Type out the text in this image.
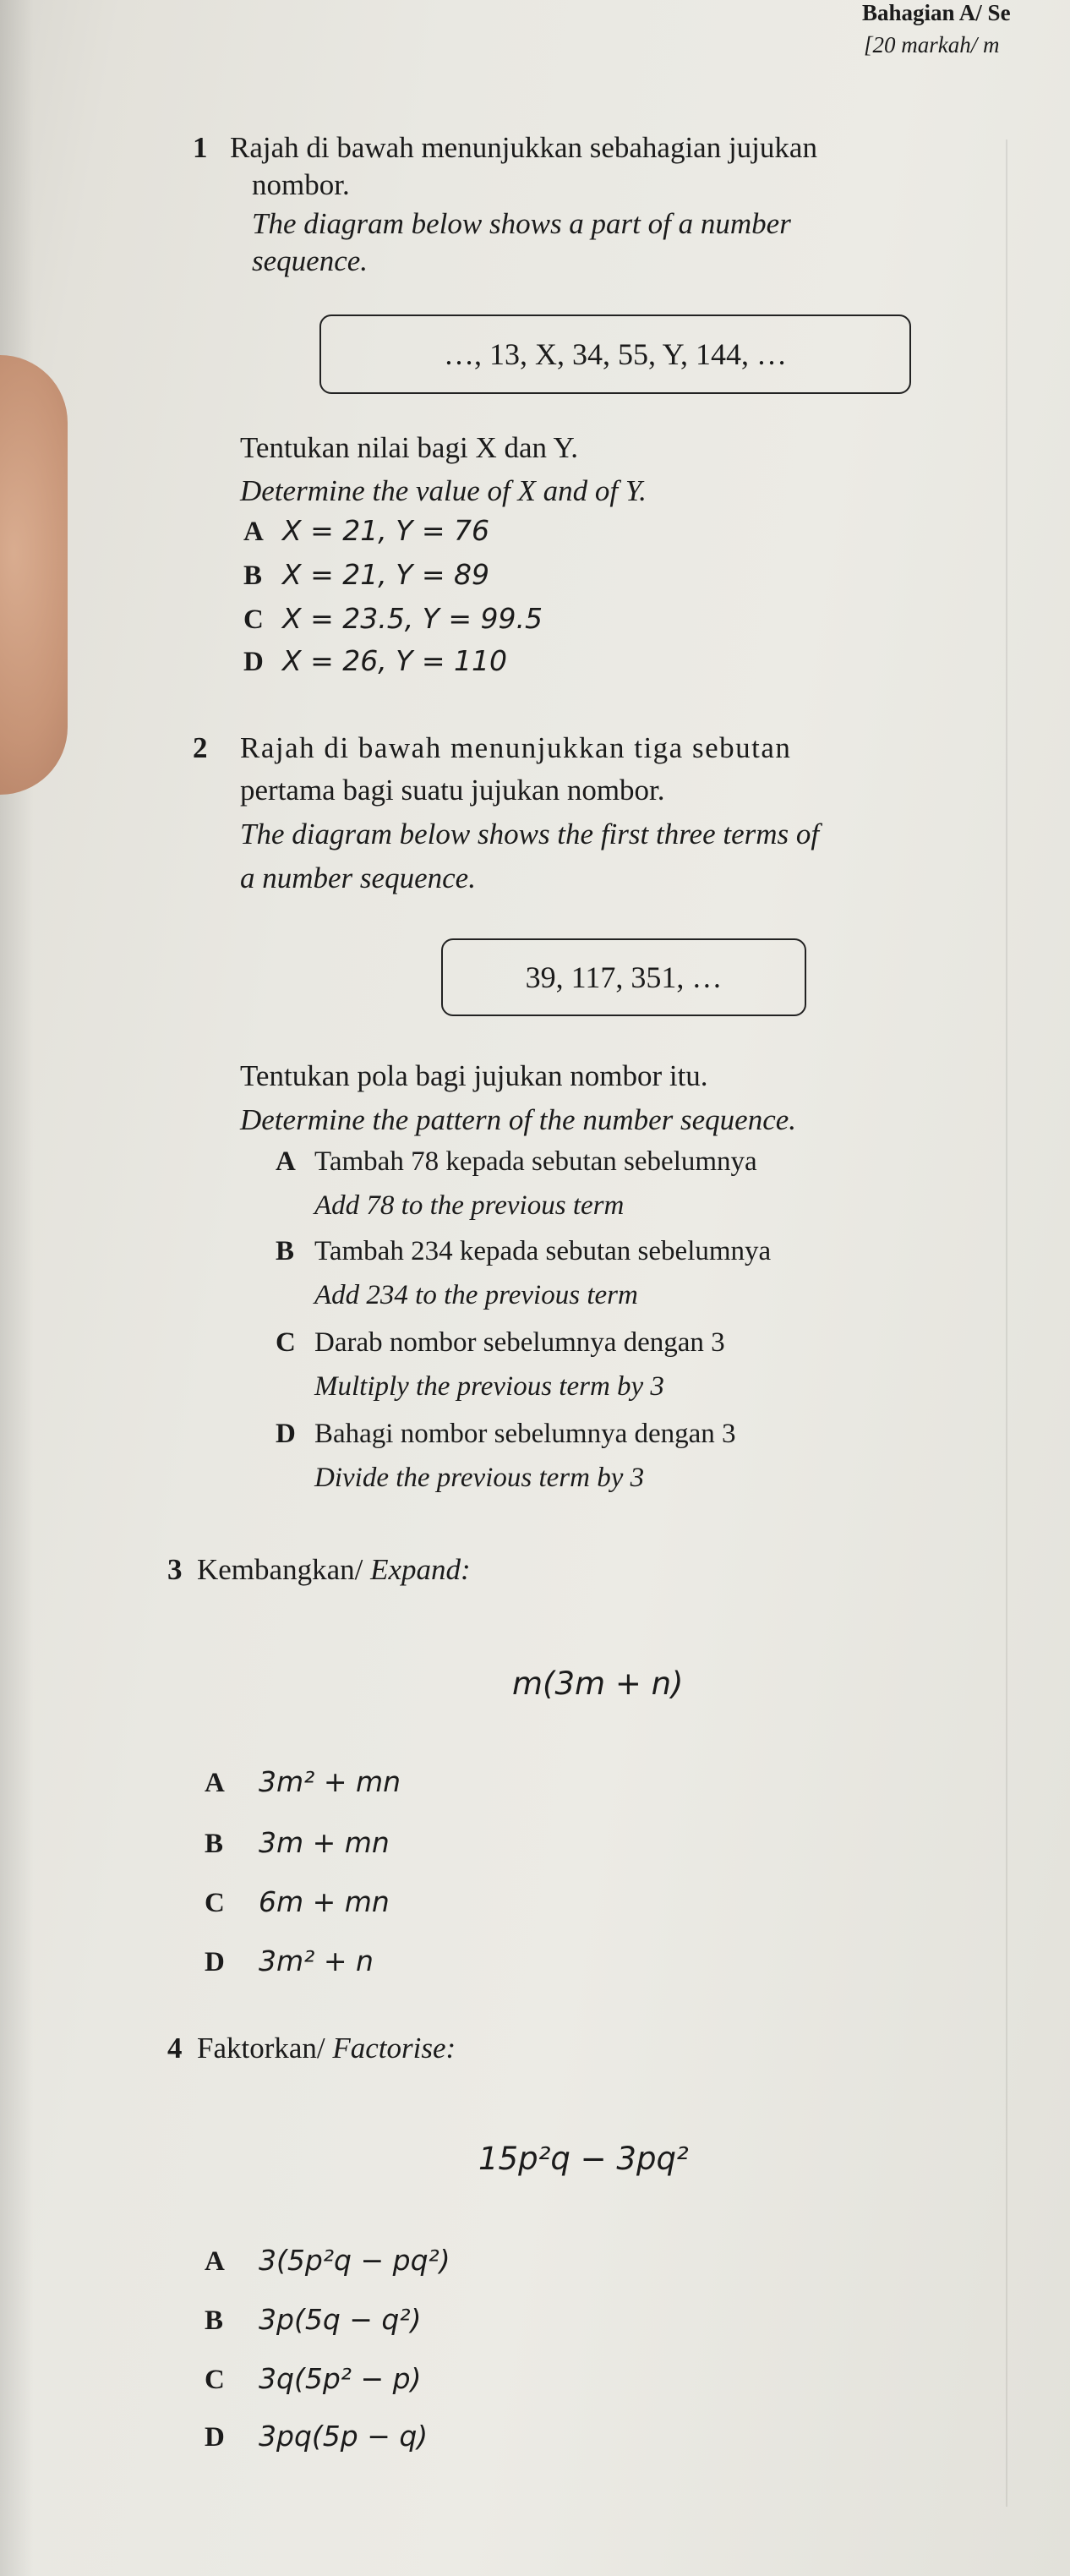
Bahagian A/ Se
[20 markah/ m
1 Rajah di bawah menunjukkan sebahagian jujukan
nombor.
The diagram below shows a part of a number
sequence.
…, 13, X, 34, 55, Y, 144, …
Tentukan nilai bagi X dan Y.
Determine the value of X and of Y.
A X = 21, Y = 76
B X = 21, Y = 89
C X = 23.5, Y = 99.5
D X = 26, Y = 110
2 Rajah di bawah menunjukkan tiga sebutan
pertama bagi suatu jujukan nombor.
The diagram below shows the first three terms of
a number sequence.
39, 117, 351, …
Tentukan pola bagi jujukan nombor itu.
Determine the pattern of the number sequence.
A Tambah 78 kepada sebutan sebelumnya
Add 78 to the previous term
B Tambah 234 kepada sebutan sebelumnya
Add 234 to the previous term
C Darab nombor sebelumnya dengan 3
Multiply the previous term by 3
D Bahagi nombor sebelumnya dengan 3
Divide the previous term by 3
3 Kembangkan/ Expand:
m(3m + n)
A 3m² + mn
B 3m + mn
C 6m + mn
D 3m² + n
4 Faktorkan/ Factorise:
15p²q − 3pq²
A 3(5p²q − pq²)
B 3p(5q − q²)
C 3q(5p² − p)
D 3pq(5p − q)
